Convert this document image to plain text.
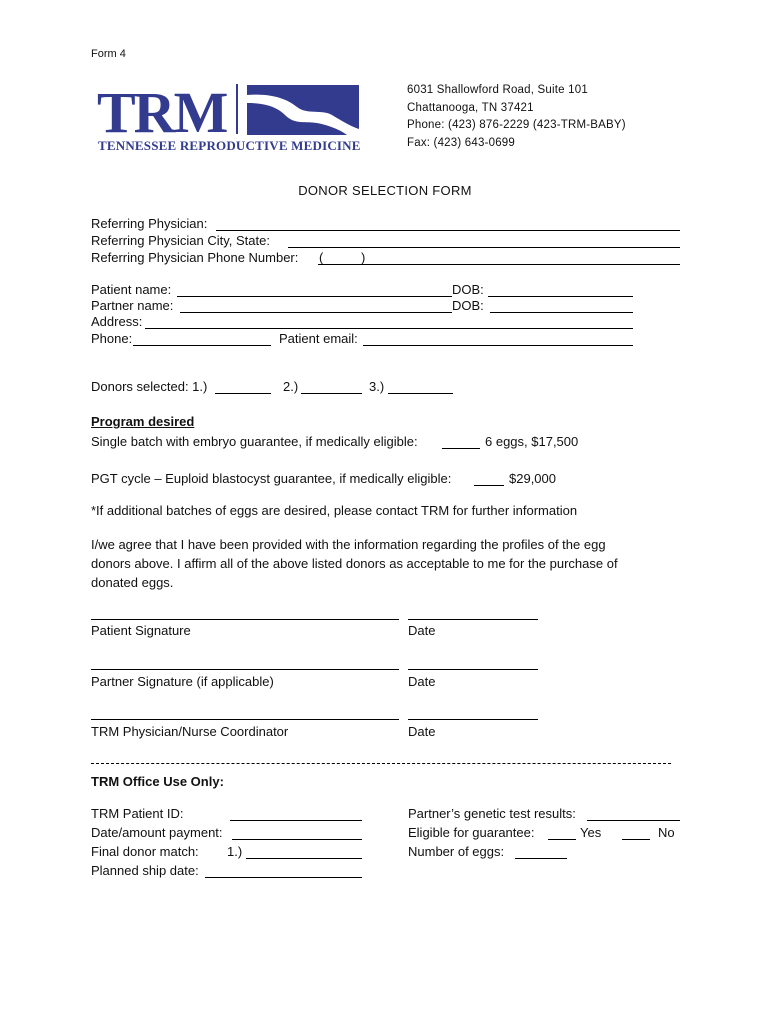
Form 4
TRM
TENNESSEE REPRODUCTIVE MEDICINE
6031 Shallowford Road, Suite 101
Chattanooga, TN 37421
Phone: (423) 876-2229 (423-TRM-BABY)
Fax: (423) 643-0699
DONOR SELECTION FORM
Referring Physician:
Referring Physician City, State:
Referring Physician Phone Number: (	)
Patient name:	DOB:
Partner name:	DOB:
Address:
Phone:	Patient email:
Donors selected: 1.)	2.)	3.)
Program desired
Single batch with embryo guarantee, if medically eligible:	6 eggs, $17,500
PGT cycle – Euploid blastocyst guarantee, if medically eligible:	$29,000
*If additional batches of eggs are desired, please contact TRM for further information
I/we agree that I have been provided with the information regarding the profiles of the egg
donors above. I affirm all of the above listed donors as acceptable to me for the purchase of
donated eggs.
Patient Signature	Date
Partner Signature (if applicable)	Date
TRM Physician/Nurse Coordinator	Date
TRM Office Use Only:
TRM Patient ID:
Date/amount payment:
Final donor match: 1.)
Planned ship date:
Partner’s genetic test results:
Eligible for guarantee:	Yes	No
Number of eggs:
